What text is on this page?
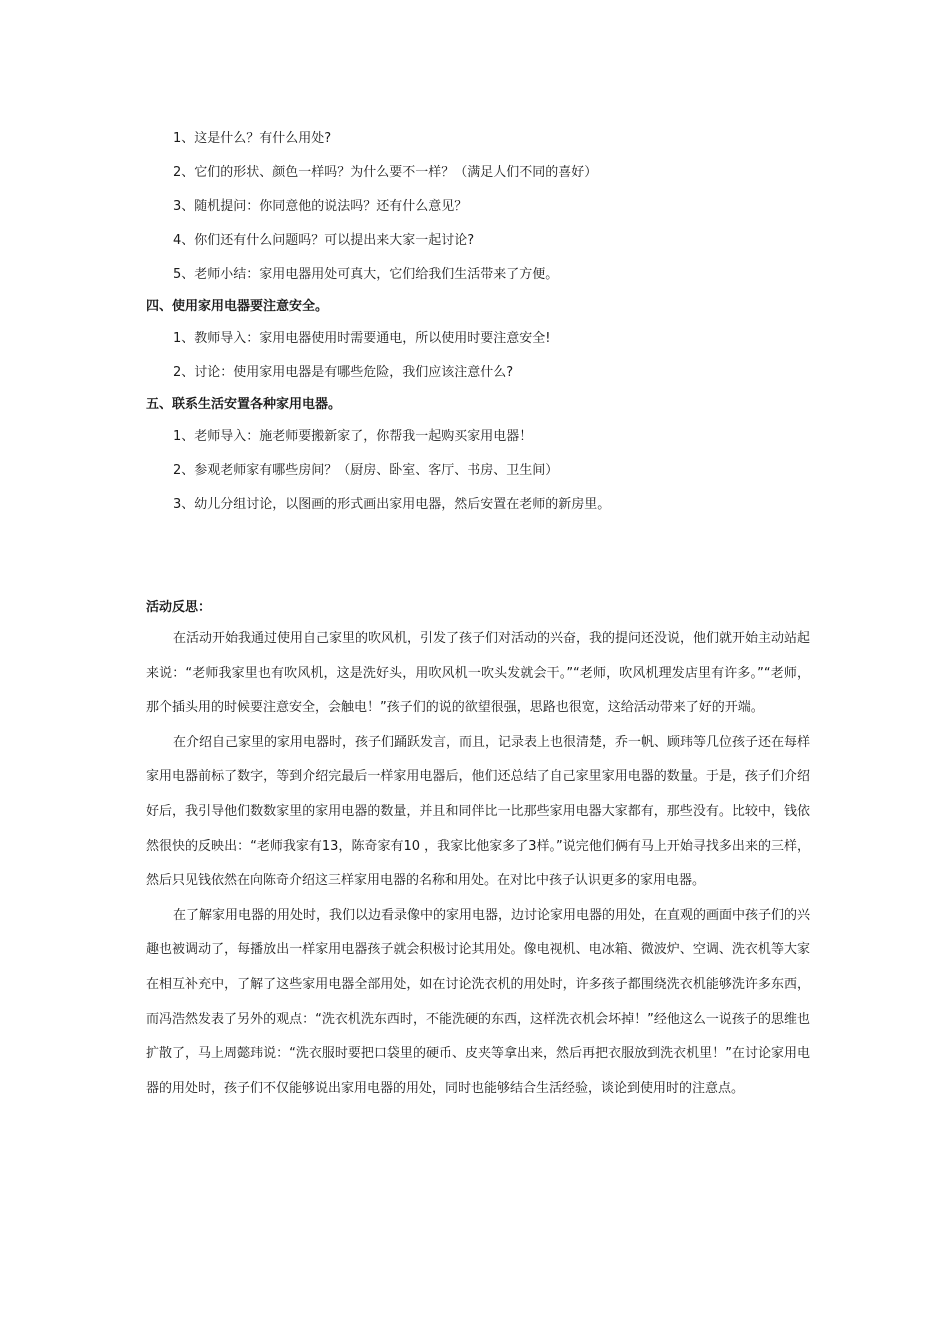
1、这是什么？有什么用处?
2、它们的形状、颜色一样吗？为什么要不一样？（满足人们不同的喜好）
3、随机提问：你同意他的说法吗？还有什么意见？
4、你们还有什么问题吗？可以提出来大家一起讨论?
5、老师小结：家用电器用处可真大，它们给我们生活带来了方便。
四、使用家用电器要注意安全。
1、教师导入：家用电器使用时需要通电，所以使用时要注意安全!
2、讨论：使用家用电器是有哪些危险，我们应该注意什么?
五、联系生活安置各种家用电器。
1、老师导入：施老师要搬新家了，你帮我一起购买家用电器！
2、参观老师家有哪些房间？（厨房、卧室、客厅、书房、卫生间）
3、幼儿分组讨论，以图画的形式画出家用电器，然后安置在老师的新房里。
活动反思：

在活动开始我通过使用自己家里的吹风机，引发了孩子们对活动的兴奋，我的提问还没说，他们就开始主动站起来说：“老师我家里也有吹风机，这是洗好头，用吹风机一吹头发就会干。”“老师，吹风机理发店里有许多。”“老师，那个插头用的时候要注意安全，会触电！”孩子们的说的欲望很强，思路也很宽，这给活动带来了好的开端。

在介绍自己家里的家用电器时，孩子们踊跃发言，而且，记录表上也很清楚，乔一帆、顾玮等几位孩子还在每样家用电器前标了数字，等到介绍完最后一样家用电器后，他们还总结了自己家里家用电器的数量。于是，孩子们介绍好后，我引导他们数数家里的家用电器的数量，并且和同伴比一比那些家用电器大家都有，那些没有。比较中，钱依然很快的反映出：“老师我家有13，陈奇家有10 ，我家比他家多了3样。”说完他们俩有马上开始寻找多出来的三样，然后只见钱依然在向陈奇介绍这三样家用电器的名称和用处。在对比中孩子认识更多的家用电器。

在了解家用电器的用处时，我们以边看录像中的家用电器，边讨论家用电器的用处，在直观的画面中孩子们的兴趣也被调动了，每播放出一样家用电器孩子就会积极讨论其用处。像电视机、电冰箱、微波炉、空调、洗衣机等大家在相互补充中，了解了这些家用电器全部用处，如在讨论洗衣机的用处时，许多孩子都围绕洗衣机能够洗许多东西，而冯浩然发表了另外的观点：“洗衣机洗东西时，不能洗硬的东西，这样洗衣机会坏掉！”经他这么一说孩子的思维也扩散了，马上周懿玮说：“洗衣服时要把口袋里的硬币、皮夹等拿出来，然后再把衣服放到洗衣机里！”在讨论家用电器的用处时，孩子们不仅能够说出家用电器的用处，同时也能够结合生活经验，谈论到使用时的注意点。
